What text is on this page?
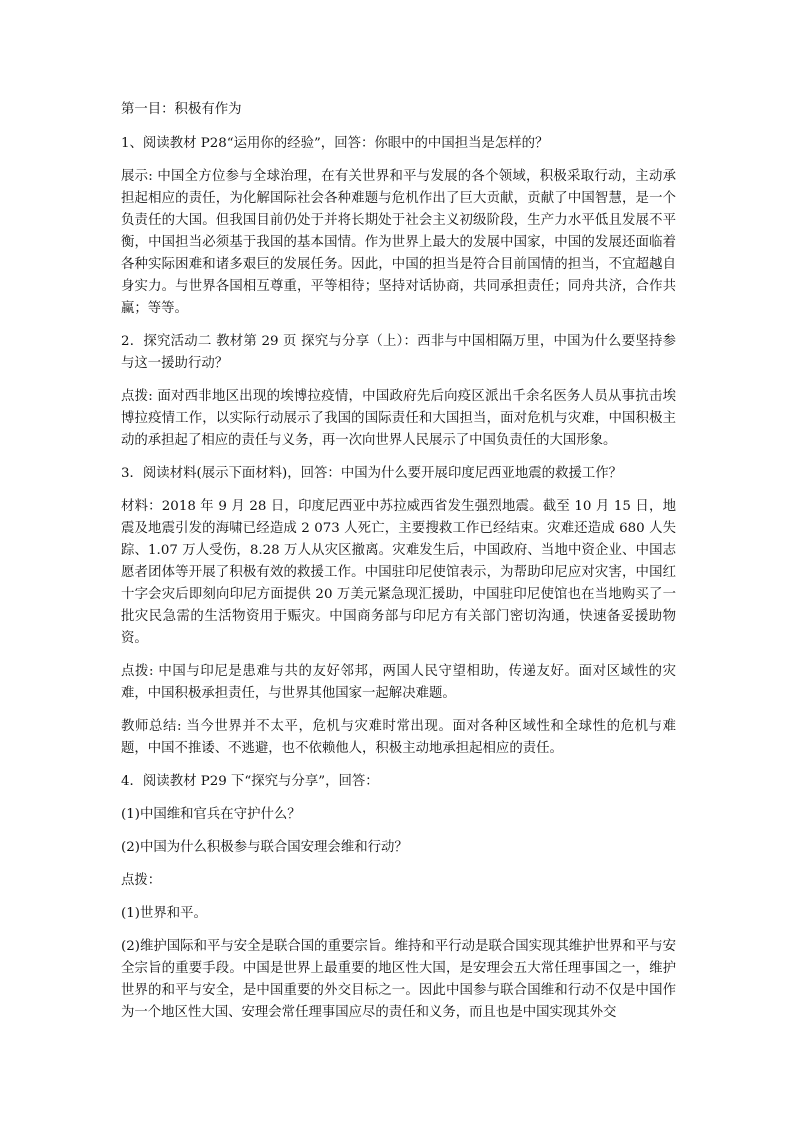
第一目：积极有作为

1、阅读教材 P28“运用你的经验”，回答：你眼中的中国担当是怎样的？

展示: 中国全方位参与全球治理，在有关世界和平与发展的各个领域，积极采取行动，主动承担起相应的责任，为化解国际社会各种难题与危机作出了巨大贡献，贡献了中国智慧，是一个负责任的大国。但我国目前仍处于并将长期处于社会主义初级阶段，生产力水平低且发展不平衡，中国担当必须基于我国的基本国情。作为世界上最大的发展中国家，中国的发展还面临着各种实际困难和诸多艰巨的发展任务。因此，中国的担当是符合目前国情的担当，不宜超越自身实力。与世界各国相互尊重，平等相待；坚持对话协商，共同承担责任；同舟共济，合作共赢；等等。

2．探究活动二 教材第 29 页 探究与分享（上）：西非与中国相隔万里，中国为什么要坚持参与这一援助行动？

点拨: 面对西非地区出现的埃博拉疫情，中国政府先后向疫区派出千余名医务人员从事抗击埃博拉疫情工作，以实际行动展示了我国的国际责任和大国担当，面对危机与灾难，中国积极主动的承担起了相应的责任与义务，再一次向世界人民展示了中国负责任的大国形象。

3．阅读材料(展示下面材料)，回答：中国为什么要开展印度尼西亚地震的救援工作？

材料：2018 年 9 月 28 日，印度尼西亚中苏拉威西省发生强烈地震。截至 10 月 15 日，地震及地震引发的海啸已经造成 2 073 人死亡，主要搜救工作已经结束。灾难还造成 680 人失踪、1.07 万人受伤，8.28 万人从灾区撤离。灾难发生后，中国政府、当地中资企业、中国志愿者团体等开展了积极有效的救援工作。中国驻印尼使馆表示，为帮助印尼应对灾害，中国红十字会灾后即刻向印尼方面提供 20 万美元紧急现汇援助，中国驻印尼使馆也在当地购买了一批灾民急需的生活物资用于赈灾。中国商务部与印尼方有关部门密切沟通，快速备妥援助物资。

点拨: 中国与印尼是患难与共的友好邻邦，两国人民守望相助，传递友好。面对区域性的灾难，中国积极承担责任，与世界其他国家一起解决难题。

教师总结: 当今世界并不太平，危机与灾难时常出现。面对各种区域性和全球性的危机与难题，中国不推诿、不逃避，也不依赖他人，积极主动地承担起相应的责任。

4．阅读教材 P29 下“探究与分享”，回答：

(1)中国维和官兵在守护什么？

(2)中国为什么积极参与联合国安理会维和行动？

点拨：

(1)世界和平。

(2)维护国际和平与安全是联合国的重要宗旨。维持和平行动是联合国实现其维护世界和平与安全宗旨的重要手段。中国是世界上最重要的地区性大国，是安理会五大常任理事国之一，维护世界的和平与安全，是中国重要的外交目标之一。因此中国参与联合国维和行动不仅是中国作为一个地区性大国、安理会常任理事国应尽的责任和义务，而且也是中国实现其外交
